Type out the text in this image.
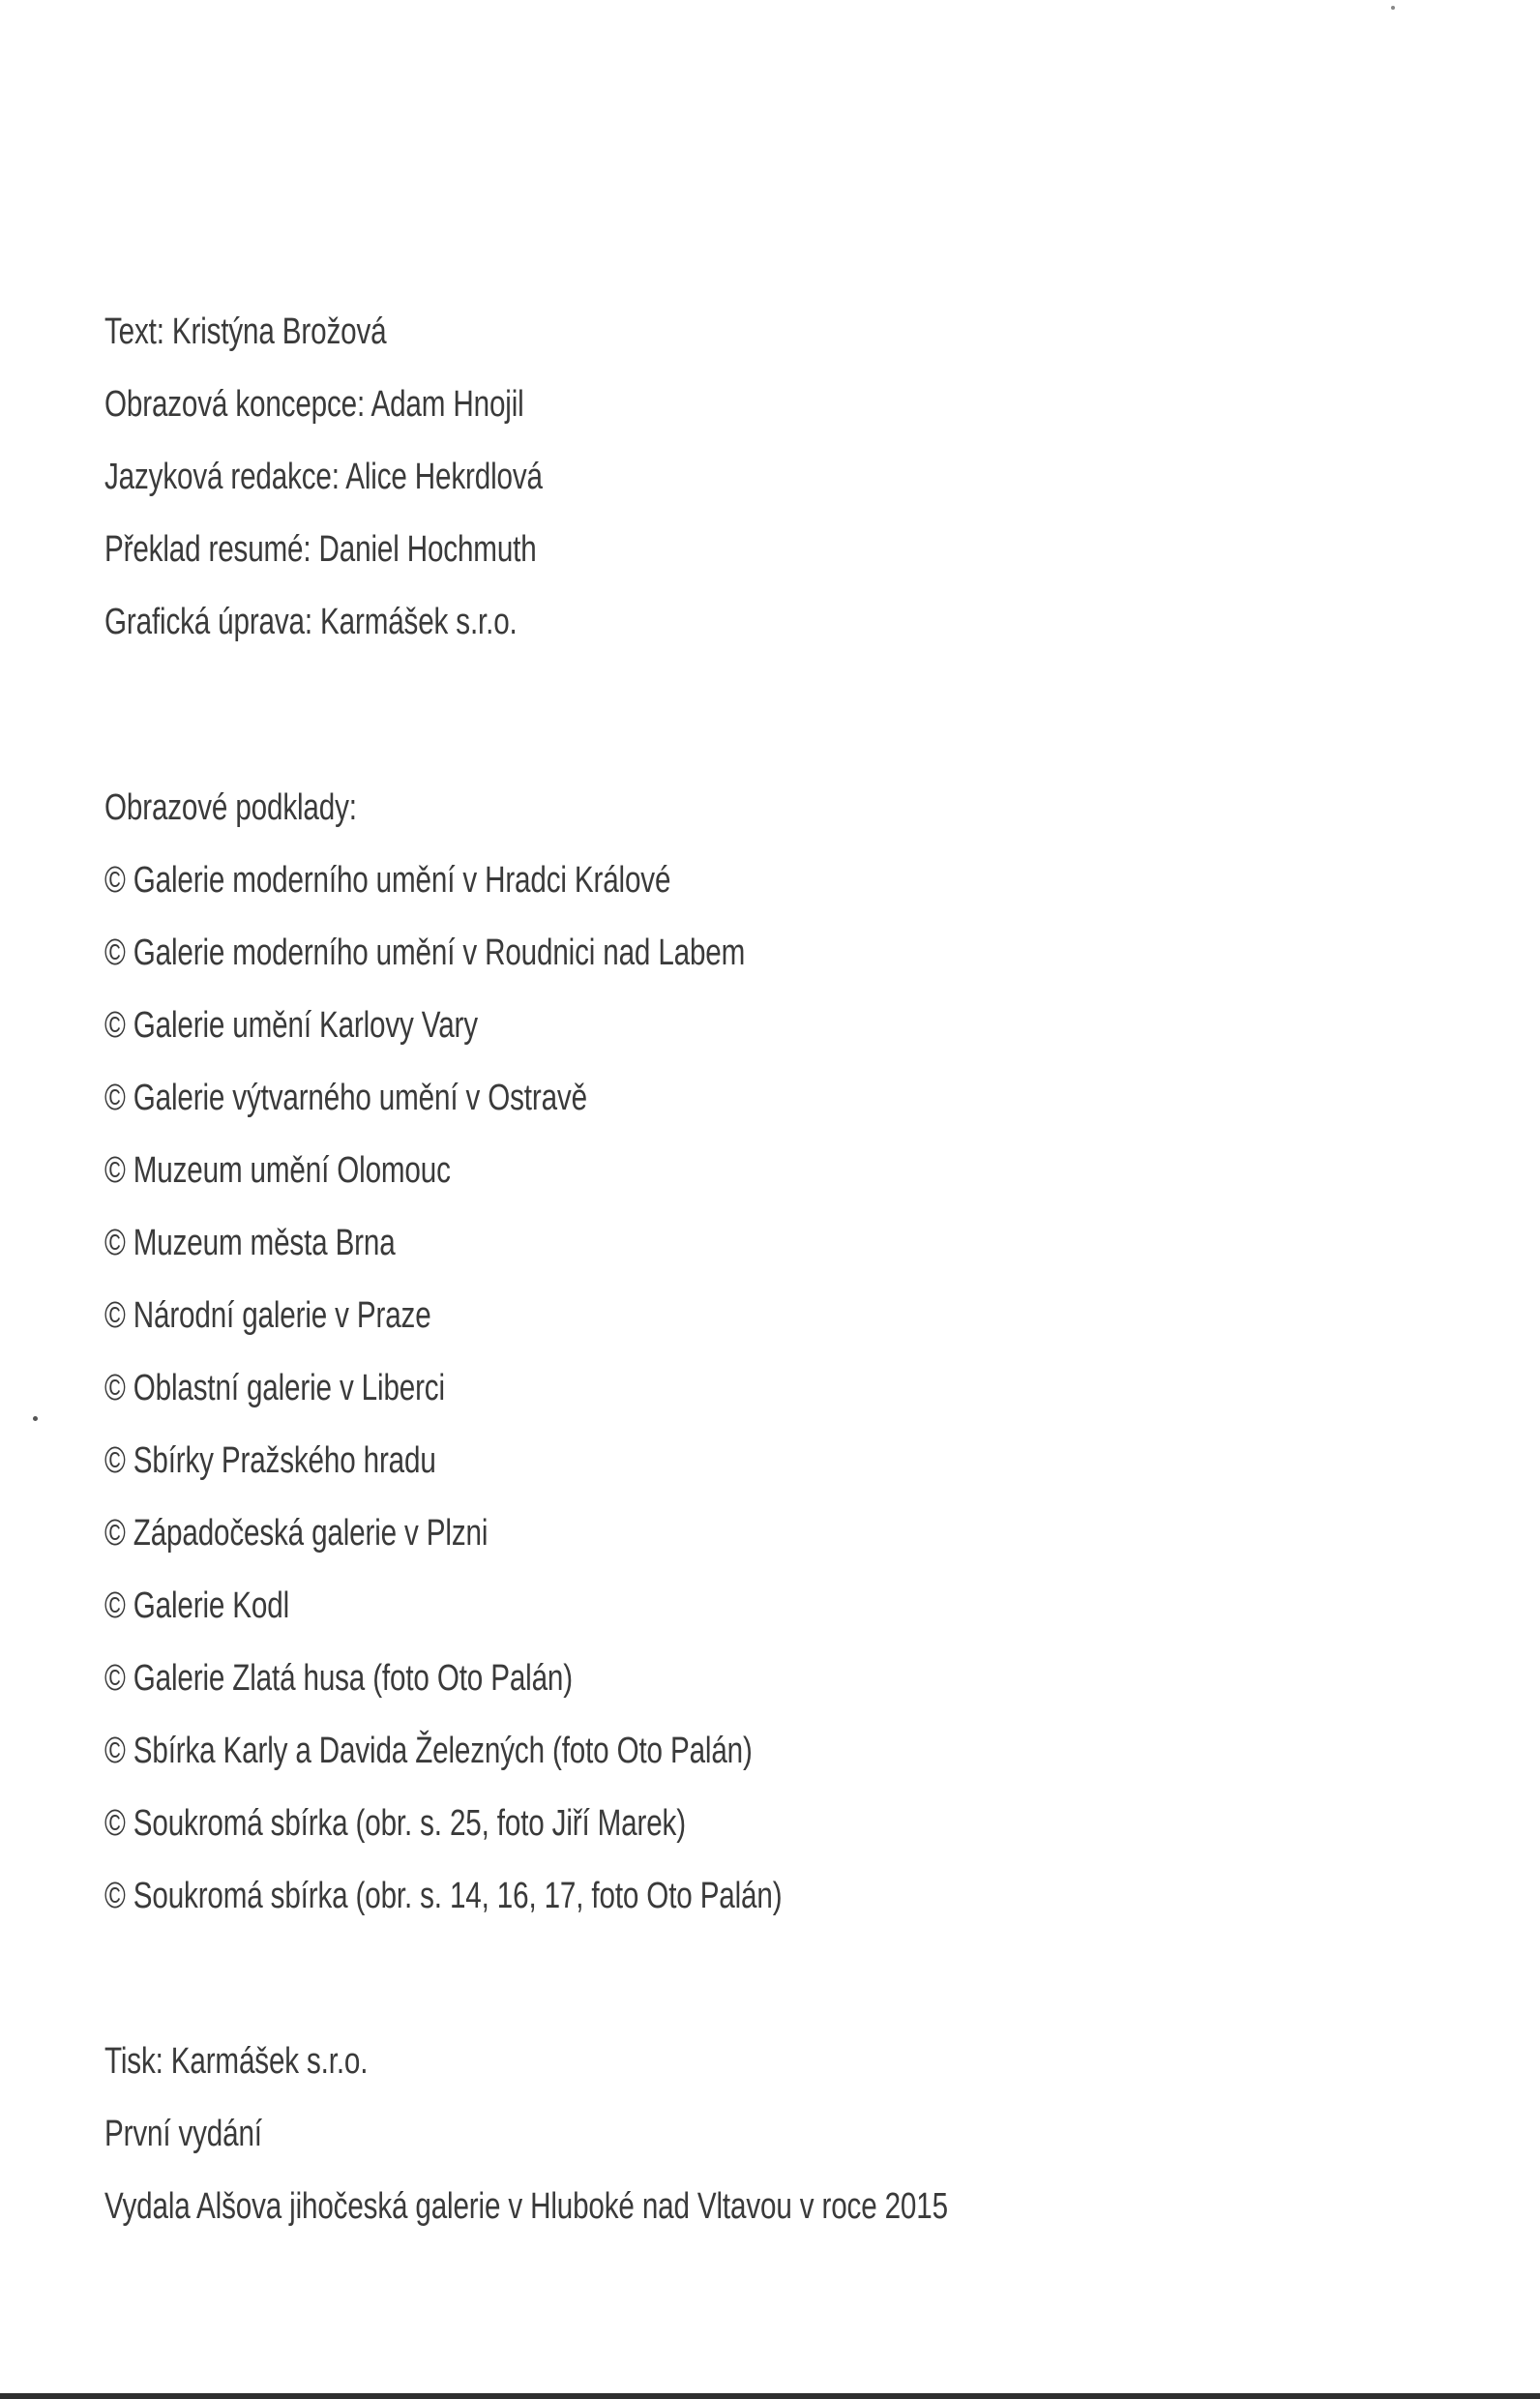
Text: Kristýna Brožová
Obrazová koncepce: Adam Hnojil
Jazyková redakce: Alice Hekrdlová
Překlad resumé: Daniel Hochmuth
Grafická úprava: Karmášek s.r.o.
Obrazové podklady:
© Galerie moderního umění v Hradci Králové
© Galerie moderního umění v Roudnici nad Labem
© Galerie umění Karlovy Vary
© Galerie výtvarného umění v Ostravě
© Muzeum umění Olomouc
© Muzeum města Brna
© Národní galerie v Praze
© Oblastní galerie v Liberci
© Sbírky Pražského hradu
© Západočeská galerie v Plzni
© Galerie Kodl
© Galerie Zlatá husa (foto Oto Palán)
© Sbírka Karly a Davida Železných (foto Oto Palán)
© Soukromá sbírka (obr. s. 25, foto Jiří Marek)
© Soukromá sbírka (obr. s. 14, 16, 17, foto Oto Palán)
Tisk: Karmášek s.r.o.
První vydání
Vydala Alšova jihočeská galerie v Hluboké nad Vltavou v roce 2015
